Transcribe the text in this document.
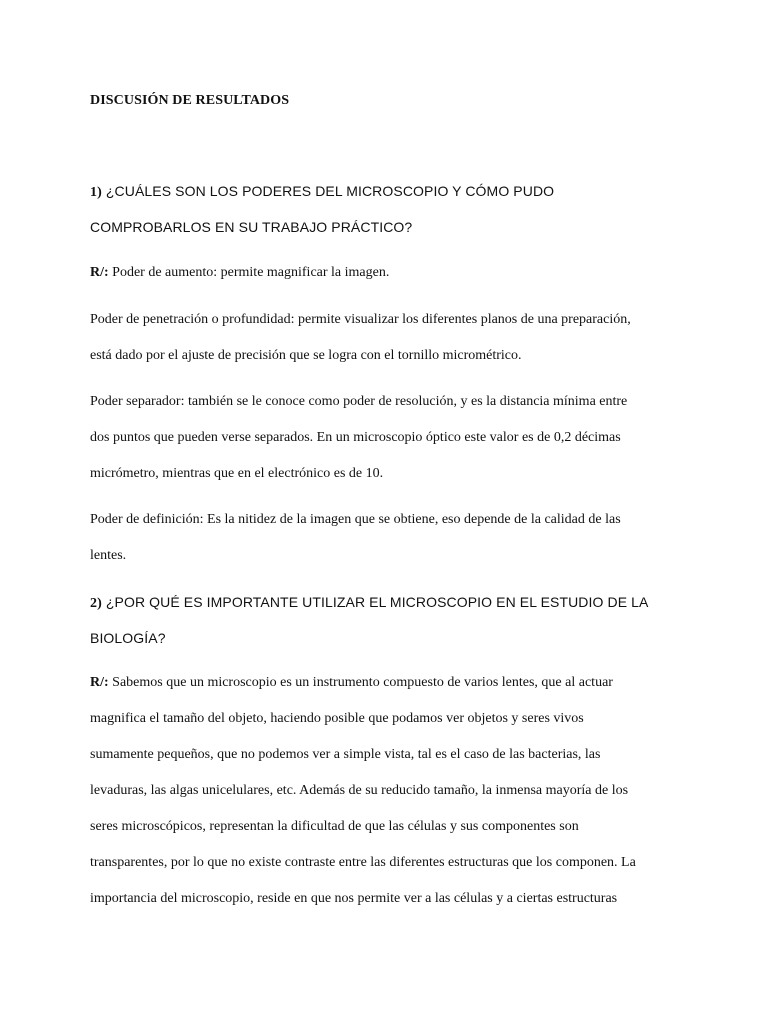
DISCUSIÓN DE RESULTADOS
1) ¿CUÁLES SON LOS PODERES DEL MICROSCOPIO Y CÓMO PUDO
COMPROBARLOS EN SU TRABAJO PRÁCTICO?
R/: Poder de aumento: permite magnificar la imagen.
Poder de penetración o profundidad: permite visualizar los diferentes planos de una preparación,
está dado por el ajuste de precisión que se logra con el tornillo micrométrico.
Poder separador: también se le conoce como poder de resolución, y es la distancia mínima entre
dos puntos que pueden verse separados. En un microscopio óptico este valor es de 0,2 décimas
micrómetro, mientras que en el electrónico es de 10.
Poder de definición: Es la nitidez de la imagen que se obtiene, eso depende de la calidad de las
lentes.
2) ¿POR QUÉ ES IMPORTANTE UTILIZAR EL MICROSCOPIO EN EL ESTUDIO DE LA
BIOLOGÍA?
R/: Sabemos que un microscopio es un instrumento compuesto de varios lentes, que al actuar
magnifica el tamaño del objeto, haciendo posible que podamos ver objetos y seres vivos
sumamente pequeños, que no podemos ver a simple vista, tal es el caso de las bacterias, las
levaduras, las algas unicelulares, etc. Además de su reducido tamaño, la inmensa mayoría de los
seres microscópicos, representan la dificultad de que las células y sus componentes son
transparentes, por lo que no existe contraste entre las diferentes estructuras que los componen. La
importancia del microscopio, reside en que nos permite ver a las células y a ciertas estructuras
